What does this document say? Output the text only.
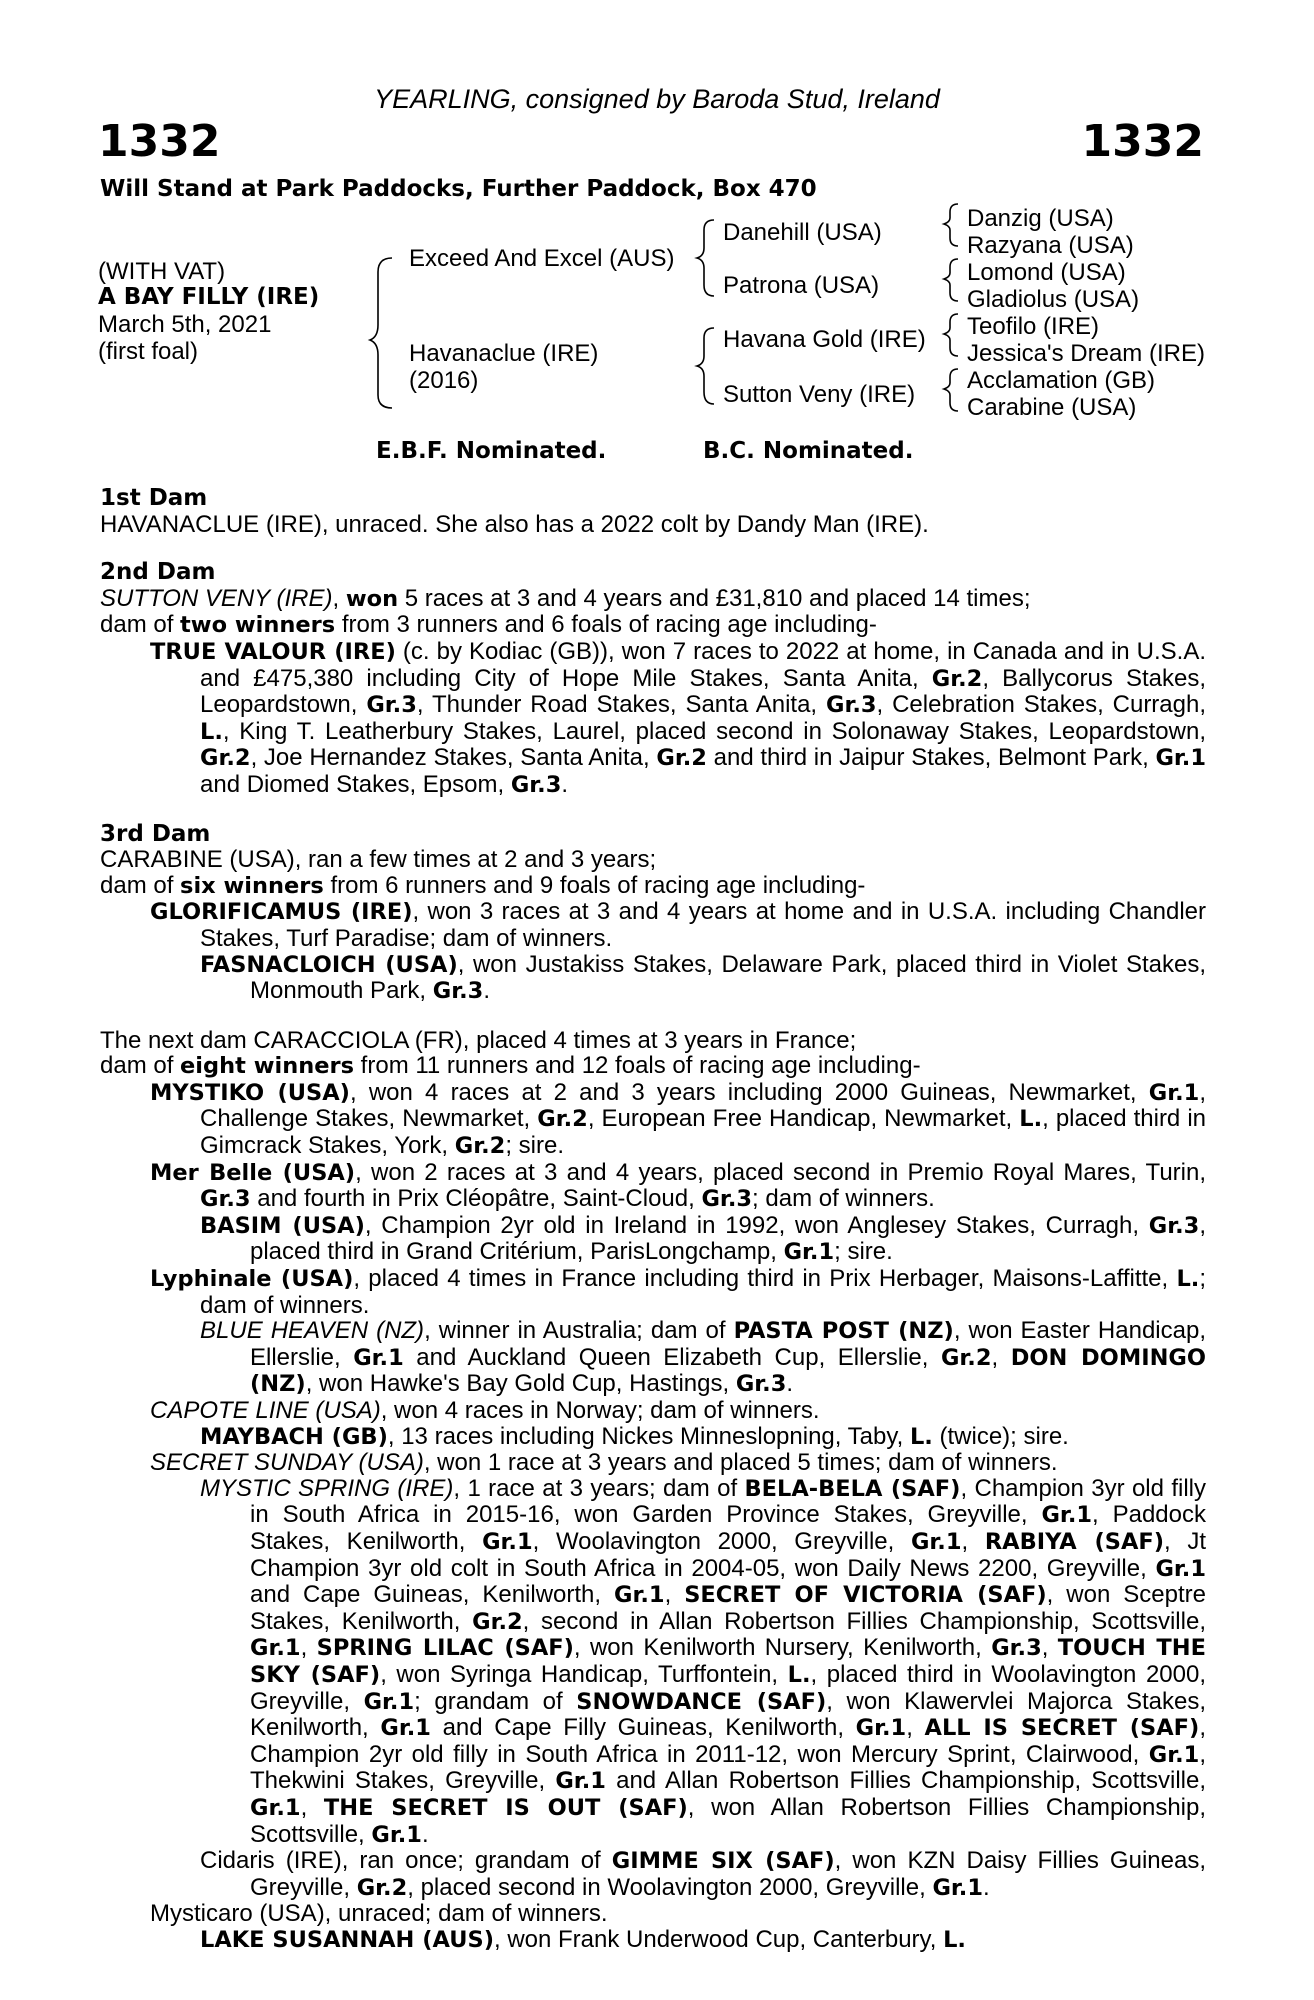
YEARLING, consigned by Baroda Stud, Ireland
1332	1332
Will Stand at Park Paddocks, Further Paddock, Box 470
(WITH VAT)
A BAY FILLY (IRE)
March 5th, 2021
(first foal)
Exceed And Excel (AUS)
Havanaclue (IRE)
(2016)
Danehill (USA)
Patrona (USA)
Havana Gold (IRE)
Sutton Veny (IRE)
Danzig (USA)
Razyana (USA)
Lomond (USA)
Gladiolus (USA)
Teofilo (IRE)
Jessica's Dream (IRE)
Acclamation (GB)
Carabine (USA)
E.B.F. Nominated.	B.C. Nominated.
1st Dam
HAVANACLUE (IRE), unraced. She also has a 2022 colt by Dandy Man (IRE).
2nd Dam
SUTTON VENY (IRE), won 5 races at 3 and 4 years and £31,810 and placed 14 times;
dam of two winners from 3 runners and 6 foals of racing age including-
TRUE VALOUR (IRE) (c. by Kodiac (GB)), won 7 races to 2022 at home, in Canada and in U.S.A. and £475,380 including City of Hope Mile Stakes, Santa Anita, Gr.2, Ballycorus Stakes, Leopardstown, Gr.3, Thunder Road Stakes, Santa Anita, Gr.3, Celebration Stakes, Curragh, L., King T. Leatherbury Stakes, Laurel, placed second in Solonaway Stakes, Leopardstown, Gr.2, Joe Hernandez Stakes, Santa Anita, Gr.2 and third in Jaipur Stakes, Belmont Park, Gr.1 and Diomed Stakes, Epsom, Gr.3.
3rd Dam
CARABINE (USA), ran a few times at 2 and 3 years;
dam of six winners from 6 runners and 9 foals of racing age including-
GLORIFICAMUS (IRE), won 3 races at 3 and 4 years at home and in U.S.A. including Chandler Stakes, Turf Paradise; dam of winners.
FASNACLOICH (USA), won Justakiss Stakes, Delaware Park, placed third in Violet Stakes, Monmouth Park, Gr.3.
The next dam CARACCIOLA (FR), placed 4 times at 3 years in France;
dam of eight winners from 11 runners and 12 foals of racing age including-
MYSTIKO (USA), won 4 races at 2 and 3 years including 2000 Guineas, Newmarket, Gr.1, Challenge Stakes, Newmarket, Gr.2, European Free Handicap, Newmarket, L., placed third in Gimcrack Stakes, York, Gr.2; sire.
Mer Belle (USA), won 2 races at 3 and 4 years, placed second in Premio Royal Mares, Turin, Gr.3 and fourth in Prix Cléopâtre, Saint-Cloud, Gr.3; dam of winners.
BASIM (USA), Champion 2yr old in Ireland in 1992, won Anglesey Stakes, Curragh, Gr.3, placed third in Grand Critérium, ParisLongchamp, Gr.1; sire.
Lyphinale (USA), placed 4 times in France including third in Prix Herbager, Maisons-Laffitte, L.; dam of winners.
BLUE HEAVEN (NZ), winner in Australia; dam of PASTA POST (NZ), won Easter Handicap, Ellerslie, Gr.1 and Auckland Queen Elizabeth Cup, Ellerslie, Gr.2, DON DOMINGO (NZ), won Hawke's Bay Gold Cup, Hastings, Gr.3.
CAPOTE LINE (USA), won 4 races in Norway; dam of winners.
MAYBACH (GB), 13 races including Nickes Minneslopning, Taby, L. (twice); sire.
SECRET SUNDAY (USA), won 1 race at 3 years and placed 5 times; dam of winners.
MYSTIC SPRING (IRE), 1 race at 3 years; dam of BELA-BELA (SAF), Champion 3yr old filly in South Africa in 2015-16, won Garden Province Stakes, Greyville, Gr.1, Paddock Stakes, Kenilworth, Gr.1, Woolavington 2000, Greyville, Gr.1, RABIYA (SAF), Jt Champion 3yr old colt in South Africa in 2004-05, won Daily News 2200, Greyville, Gr.1 and Cape Guineas, Kenilworth, Gr.1, SECRET OF VICTORIA (SAF), won Sceptre Stakes, Kenilworth, Gr.2, second in Allan Robertson Fillies Championship, Scottsville, Gr.1, SPRING LILAC (SAF), won Kenilworth Nursery, Kenilworth, Gr.3, TOUCH THE SKY (SAF), won Syringa Handicap, Turffontein, L., placed third in Woolavington 2000, Greyville, Gr.1; grandam of SNOWDANCE (SAF), won Klawervlei Majorca Stakes, Kenilworth, Gr.1 and Cape Filly Guineas, Kenilworth, Gr.1, ALL IS SECRET (SAF), Champion 2yr old filly in South Africa in 2011-12, won Mercury Sprint, Clairwood, Gr.1, Thekwini Stakes, Greyville, Gr.1 and Allan Robertson Fillies Championship, Scottsville, Gr.1, THE SECRET IS OUT (SAF), won Allan Robertson Fillies Championship, Scottsville, Gr.1.
Cidaris (IRE), ran once; grandam of GIMME SIX (SAF), won KZN Daisy Fillies Guineas, Greyville, Gr.2, placed second in Woolavington 2000, Greyville, Gr.1.
Mysticaro (USA), unraced; dam of winners.
LAKE SUSANNAH (AUS), won Frank Underwood Cup, Canterbury, L.
